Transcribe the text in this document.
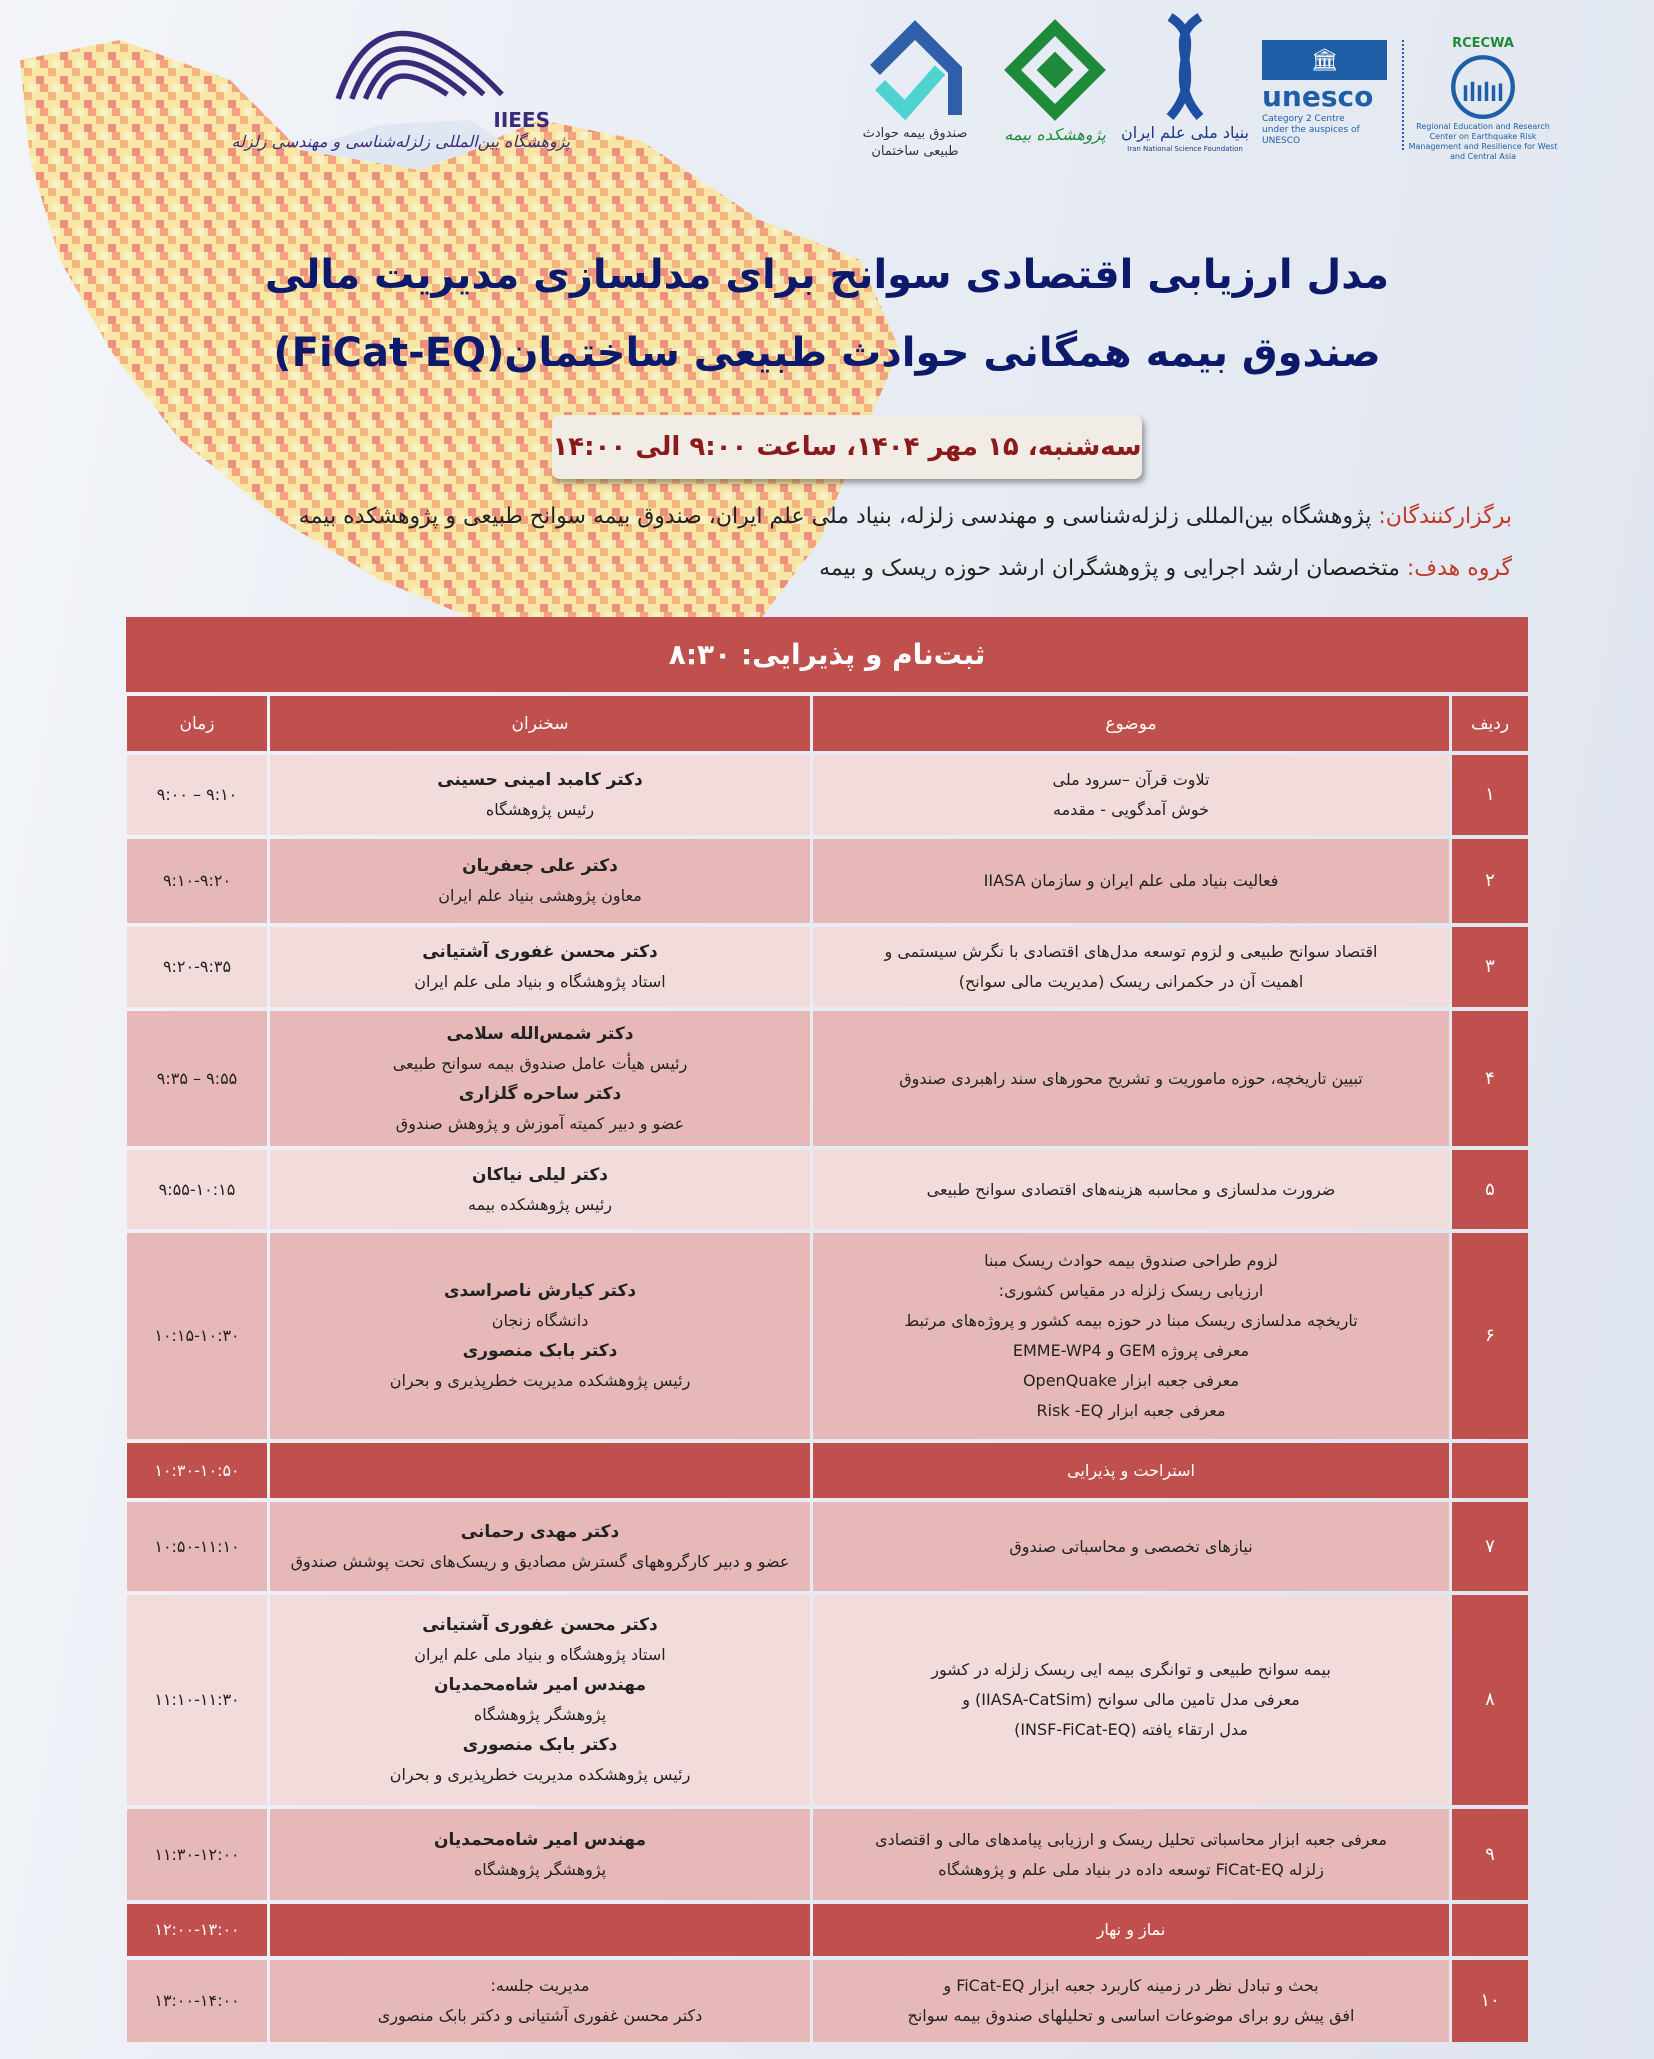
IIEES
پژوهشگاه بین‌المللی زلزله‌شناسی و مهندسی زلزله	صندوق بیمه حوادث طبیعی ساختمان
پژوهشکده بیمه بنیاد ملی علم ایران
Iran National Science Foundation
🏛
unesco
Category 2 Centre under the auspices of UNESCO
RCECWA
Regional Education and Research Center on Earthquake Risk Management and Resilience for West and Central Asia
مدل ارزیابی اقتصادی سوانح برای مدلسازی مدیریت مالی
صندوق بیمه همگانی حوادث طبیعی ساختمان(FiCat-EQ)
سه‌شنبه، ۱۵ مهر ۱۴۰۴، ساعت ۹:۰۰ الی ۱۴:۰۰
برگزارکنندگان: پژوهشگاه بین‌المللی زلزله‌شناسی و مهندسی زلزله، بنیاد ملی علم ایران، صندوق بیمه سوانح طبیعی و پژوهشکده بیمه
گروه هدف: متخصصان ارشد اجرایی و پژوهشگران ارشد حوزه ریسک و بیمه
ثبت‌نام و پذیرایی: ۸:۳۰
ردیف
موضوع
سخنران
زمان
۱
تلاوت قرآن –سرود ملی
خوش آمدگویی - مقدمه
دکتر کامبد امینی حسینی
رئیس پژوهشگاه
۹:۰۰ – ۹:۱۰
۲
فعالیت بنیاد ملی علم ایران و سازمان IIASA
دکتر علی جعفریان
معاون پژوهشی بنیاد علم ایران
۹:۱۰-۹:۲۰
۳
اقتصاد سوانح طبیعی و لزوم توسعه مدل‌های اقتصادی با نگرش سیستمی و
اهمیت آن در حکمرانی ریسک (مدیریت مالی سوانح)
دکتر محسن غفوری آشتیانی
استاد پژوهشگاه و بنیاد ملی علم ایران
۹:۲۰-۹:۳۵
۴
تبیین تاریخچه، حوزه ماموریت و تشریح محورهای سند راهبردی صندوق
دکتر شمس‌الله سلامی
رئیس هیأت عامل صندوق بیمه سوانح طبیعی
دکتر ساحره گلزاری
عضو و دبیر کمیته آموزش و پژوهش صندوق
۹:۳۵ – ۹:۵۵
۵
ضرورت مدلسازی و محاسبه هزینه‌های اقتصادی سوانح طبیعی
دکتر لیلی نیاکان
رئیس پژوهشکده بیمه
۹:۵۵-۱۰:۱۵
۶
لزوم طراحی صندوق بیمه حوادث ریسک مبنا
ارزیابی ریسک زلزله در مقیاس کشوری:
تاریخچه مدلسازی ریسک مبنا در حوزه بیمه کشور و پروژه‌های مرتبط
معرفی پروژه GEM و EMME-WP4
معرفی جعبه ابزار OpenQuake
معرفی جعبه ابزار Risk -EQ
دکتر کیارش ناصراسدی
دانشگاه زنجان
دکتر بابک منصوری
رئیس پژوهشکده مدیریت خطرپذیری و بحران
۱۰:۱۵-۱۰:۳۰
استراحت و پذیرایی
۱۰:۳۰-۱۰:۵۰
۷
نیازهای تخصصی و محاسباتی صندوق
دکتر مهدی رحمانی
عضو و دبیر کارگروههای گسترش مصادیق و ریسک‌های تحت پوشش صندوق
۱۰:۵۰-۱۱:۱۰
۸
بیمه سوانح طبیعی و توانگری بیمه ایی ریسک زلزله در کشور
معرفی مدل تامین مالی سوانح (IIASA-CatSim) و
مدل ارتقاء یافته (INSF-FiCat-EQ)
دکتر محسن غفوری آشتیانی
استاد پژوهشگاه و بنیاد ملی علم ایران
مهندس امیر شاه‌محمدیان
پژوهشگر پژوهشگاه
دکتر بابک منصوری
رئیس پژوهشکده مدیریت خطرپذیری و بحران
۱۱:۱۰-۱۱:۳۰
۹
معرفی جعبه ابزار محاسباتی تحلیل ریسک و ارزیابی پیامدهای مالی و اقتصادی
زلزله FiCat-EQ توسعه داده در بنیاد ملی علم و پژوهشگاه
مهندس امیر شاه‌محمدیان
پژوهشگر پژوهشگاه
۱۱:۳۰-۱۲:۰۰
نماز و نهار
۱۲:۰۰-۱۳:۰۰
۱۰
بحث و تبادل نظر در زمینه کاربرد جعبه ابزار FiCat-EQ و
افق پیش رو برای موضوعات اساسی و تحلیلهای صندوق بیمه سوانح
مدیریت جلسه:
دکتر محسن غفوری آشتیانی و دکتر بابک منصوری
۱۳:۰۰-۱۴:۰۰
